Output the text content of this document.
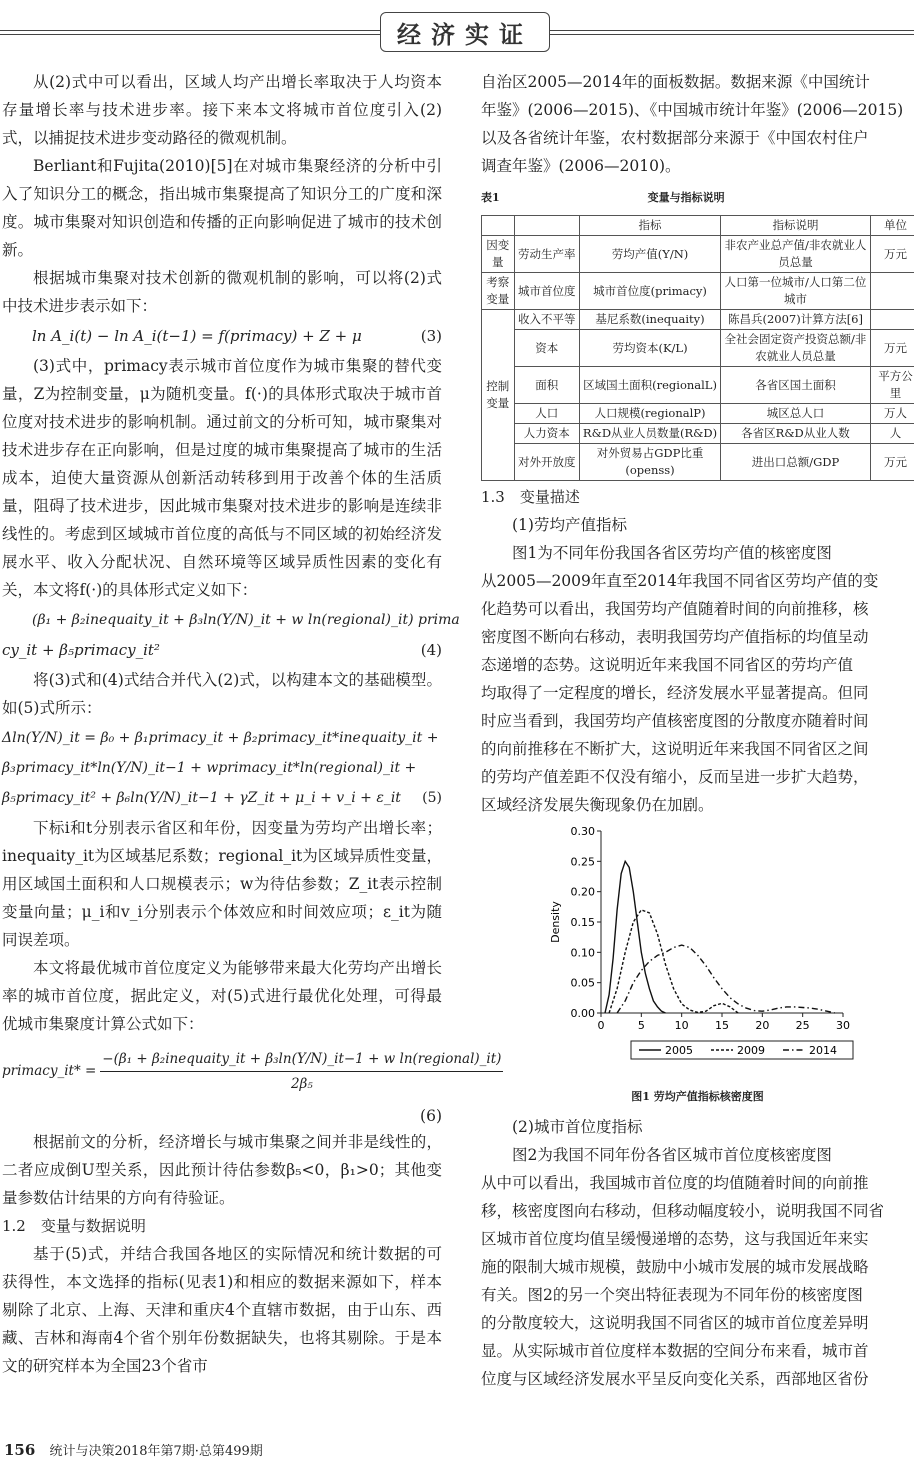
经济实证

从(2)式中可以看出，区域人均产出增长率取决于人均资本存量增长率与技术进步率。接下来本文将城市首位度引入(2)式，以捕捉技术进步变动路径的微观机制。

Berliant和Fujita(2010)[5]在对城市集聚经济的分析中引入了知识分工的概念，指出城市集聚提高了知识分工的广度和深度。城市集聚对知识创造和传播的正向影响促进了城市的技术创新。

根据城市集聚对技术创新的微观机制的影响，可以将(2)式中技术进步表示如下：

ln A_i(t) − ln A_i(t−1) = f(primacy) + Z + μ	(3)

(3)式中，primacy表示城市首位度作为城市集聚的替代变量，Z为控制变量，μ为随机变量。f(·)的具体形式取决于城市首位度对技术进步的影响机制。通过前文的分析可知，城市聚集对技术进步存在正向影响，但是过度的城市集聚提高了城市的生活成本，迫使大量资源从创新活动转移到用于改善个体的生活质量，阻碍了技术进步，因此城市集聚对技术进步的影响是连续非线性的。考虑到区域城市首位度的高低与不同区域的初始经济发展水平、收入分配状况、自然环境等区域异质性因素的变化有关，本文将f(·)的具体形式定义如下：

(β₁ + β₂inequaity_it + β₃ln(Y/N)_it + w ln(regional)_it) prima
cy_it + β₅primacy_it²	(4)

将(3)式和(4)式结合并代入(2)式，以构建本文的基础模型。如(5)式所示：

Δln(Y/N)_it = β₀ + β₁primacy_it + β₂primacy_it*inequaity_it +
β₃primacy_it*ln(Y/N)_it−1 + wprimacy_it*ln(regional)_it +
β₅primacy_it² + β₆ln(Y/N)_it−1 + γZ_it + μ_i + v_i + ε_it (5)

下标i和t分别表示省区和年份，因变量为劳均产出增长率；inequaity_it为区域基尼系数；regional_it为区域异质性变量，用区域国土面积和人口规模表示；w为待估参数；Z_it表示控制变量向量；μ_i和v_i分别表示个体效应和时间效应项；ε_it为随同误差项。

本文将最优城市首位度定义为能够带来最大化劳均产出增长率的城市首位度，据此定义，对(5)式进行最优化处理，可得最优城市集聚度计算公式如下：

primacy_it* =
−(β₁ + β₂inequaity_it + β₃ln(Y/N)_it−1 + w ln(regional)_it)
2β₅
(6)

根据前文的分析，经济增长与城市集聚之间并非是线性的，二者应成倒U型关系，因此预计待估参数β₅<0，β₁>0；其他变量参数估计结果的方向有待验证。

1.2　变量与数据说明

基于(5)式，并结合我国各地区的实际情况和统计数据的可获得性，本文选择的指标(见表1)和相应的数据来源如下，样本剔除了北京、上海、天津和重庆4个直辖市数据，由于山东、西藏、吉林和海南4个省个别年份数据缺失，也将其剔除。于是本文的研究样本为全国23个省市

自治区2005—2014年的面板数据。数据来源《中国统计

年鉴》(2006—2015)、《中国城市统计年鉴》(2006—2015)

以及各省统计年鉴，农村数据部分来源于《中国农村住户

调查年鉴》(2006—2010)。

表1	变量与指标说明
		指标	指标说明	单位
因变量	劳动生产率	劳均产值(Y/N)	非农产业总产值/非农就业人员总量	万元
考察变量	城市首位度	城市首位度(primacy)	人口第一位城市/人口第二位城市	
控制变量	收入不平等	基尼系数(inequaity)	陈昌兵(2007)计算方法[6]	
	资本	劳均资本(K/L)	全社会固定资产投资总额/非农就业人员总量	万元
	面积	区域国土面积(regionalL)	各省区国土面积	平方公里
	人口	人口规模(regionalP)	城区总人口	万人
	人力资本	R&D从业人员数量(R&D)	各省区R&D从业人数	人
	对外开放度	对外贸易占GDP比重(openss)	进出口总额/GDP	万元

1.3　变量描述

(1)劳均产值指标

图1为不同年份我国各省区劳均产值的核密度图

从2005—2009年直至2014年我国不同省区劳均产值的变

化趋势可以看出，我国劳均产值随着时间的向前推移，核

密度图不断向右移动，表明我国劳均产值指标的均值呈动

态递增的态势。这说明近年来我国不同省区的劳均产值

均取得了一定程度的增长，经济发展水平显著提高。但同

时应当看到，我国劳均产值核密度图的分散度亦随着时间

的向前推移在不断扩大，这说明近年来我国不同省区之间

的劳均产值差距不仅没有缩小，反而呈进一步扩大趋势，

区域经济发展失衡现象仍在加剧。

0	5	10 15 20 25 30
0.00
0.05
0.10
0.15
0.20
0.25
0.30
Density
2005	2009	2014

图1 劳均产值指标核密度图

(2)城市首位度指标

图2为我国不同年份各省区城市首位度核密度图

从中可以看出，我国城市首位度的均值随着时间的向前推

移，核密度图向右移动，但移动幅度较小，说明我国不同省

区城市首位度均值呈缓慢递增的态势，这与我国近年来实

施的限制大城市规模，鼓励中小城市发展的城市发展战略

有关。图2的另一个突出特征表现为不同年份的核密度图

的分散度较大，这说明我国不同省区的城市首位度差异明

显。从实际城市首位度样本数据的空间分布来看，城市首

位度与区域经济发展水平呈反向变化关系，西部地区省份

156 统计与决策2018年第7期·总第499期
